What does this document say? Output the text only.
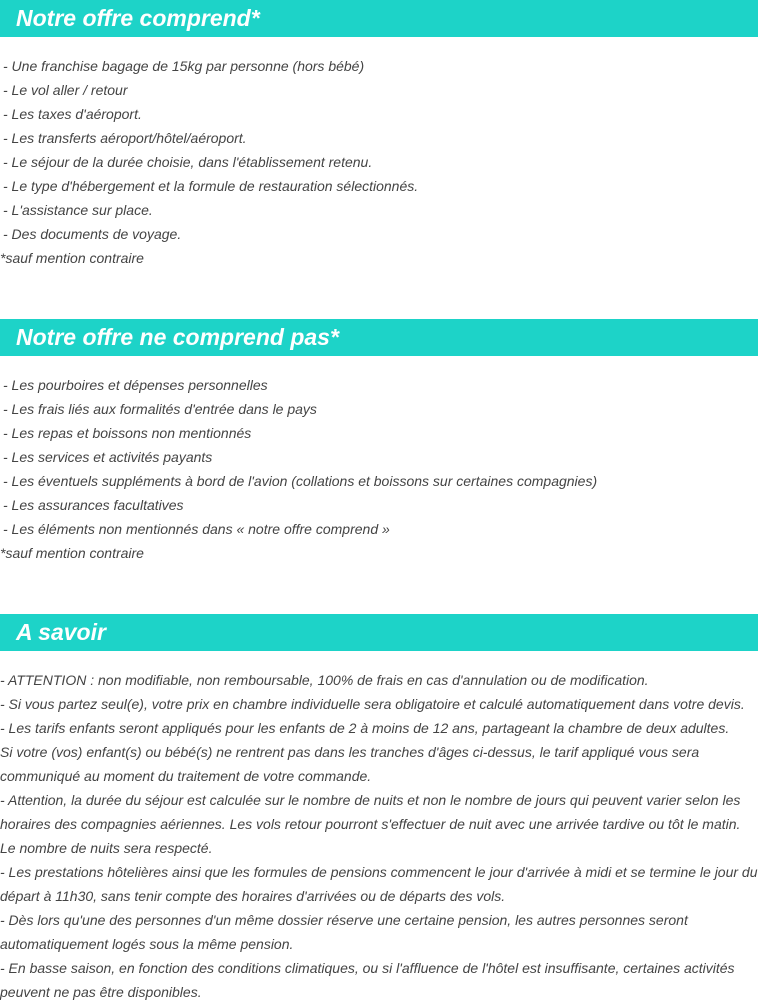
Notre offre comprend*
- Une franchise bagage de 15kg par personne (hors bébé)
- Le vol aller / retour
- Les taxes d'aéroport.
- Les transferts aéroport/hôtel/aéroport.
- Le séjour de la durée choisie, dans l'établissement retenu.
- Le type d'hébergement et la formule de restauration sélectionnés.
- L'assistance sur place.
- Des documents de voyage.
*sauf mention contraire
Notre offre ne comprend pas*
- Les pourboires et dépenses personnelles
- Les frais liés aux formalités d'entrée dans le pays
- Les repas et boissons non mentionnés
- Les services et activités payants
- Les éventuels suppléments à bord de l'avion (collations et boissons sur certaines compagnies)
- Les assurances facultatives
- Les éléments non mentionnés dans « notre offre comprend »
*sauf mention contraire
A savoir

- ATTENTION : non modifiable, non remboursable, 100% de frais en cas d'annulation ou de modification.

- Si vous partez seul(e), votre prix en chambre individuelle sera obligatoire et calculé automatiquement dans votre devis.

- Les tarifs enfants seront appliqués pour les enfants de 2 à moins de 12 ans, partageant la chambre de deux adultes.

Si votre (vos) enfant(s) ou bébé(s) ne rentrent pas dans les tranches d'âges ci-dessus, le tarif appliqué vous sera communiqué au moment du traitement de votre commande.

- Attention, la durée du séjour est calculée sur le nombre de nuits et non le nombre de jours qui peuvent varier selon les horaires des compagnies aériennes. Les vols retour pourront s'effectuer de nuit avec une arrivée tardive ou tôt le matin. Le nombre de nuits sera respecté.

- Les prestations hôtelières ainsi que les formules de pensions commencent le jour d'arrivée à midi et se termine le jour du départ à 11h30, sans tenir compte des horaires d'arrivées ou de départs des vols.

- Dès lors qu'une des personnes d'un même dossier réserve une certaine pension, les autres personnes seront automatiquement logés sous la même pension.

- En basse saison, en fonction des conditions climatiques, ou si l'affluence de l'hôtel est insuffisante, certaines activités peuvent ne pas être disponibles.
